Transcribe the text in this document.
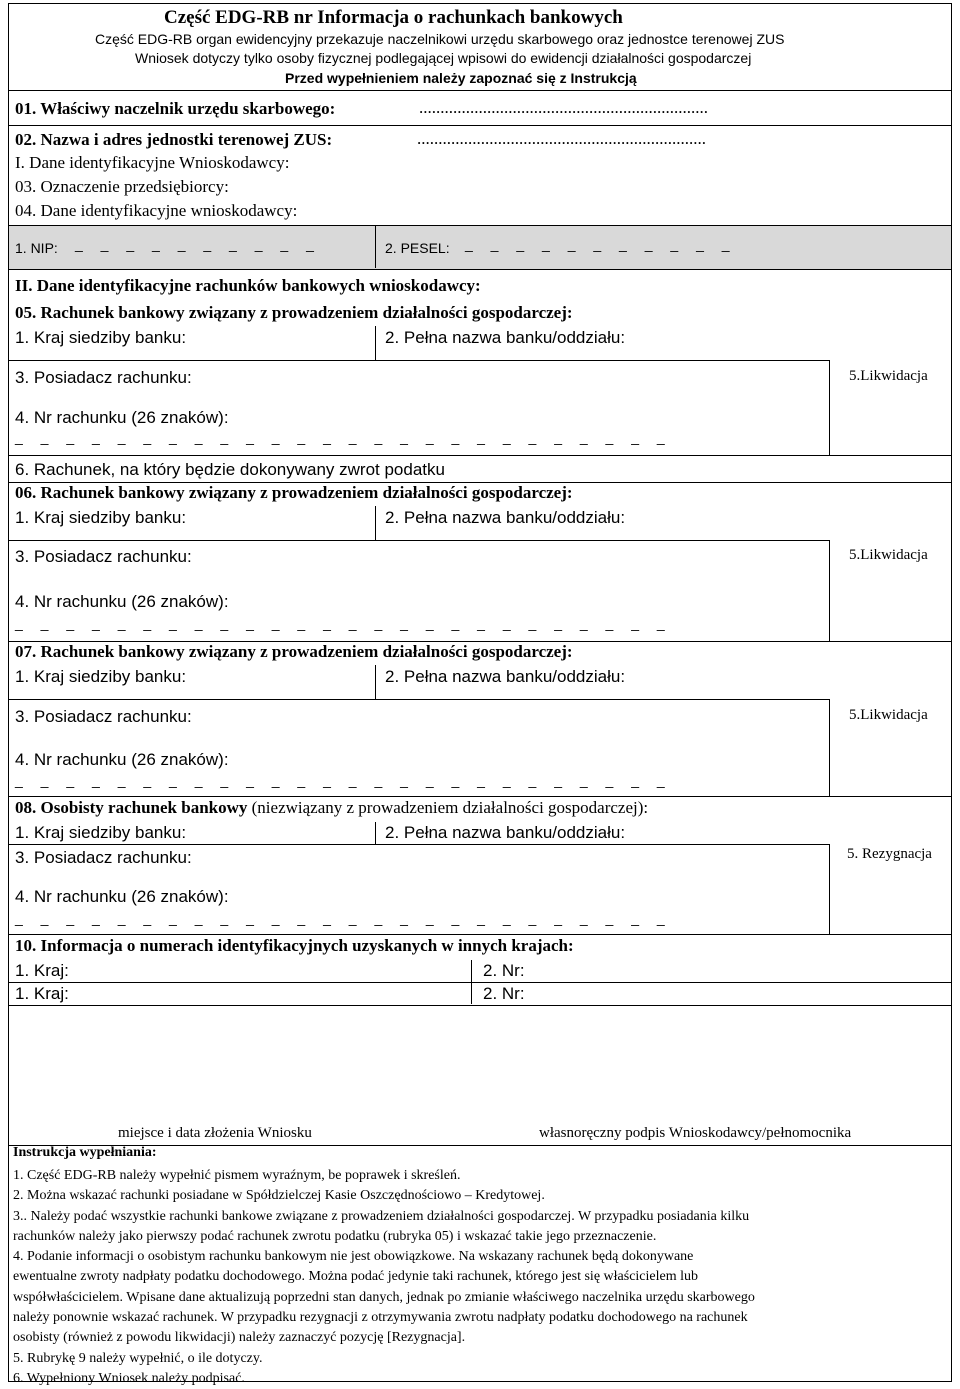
Część EDG-RB nr Informacja o rachunkach bankowych
Część EDG-RB organ ewidencyjny przekazuje naczelnikowi urzędu skarbowego oraz jednostce terenowej ZUS
Wniosek dotyczy tylko osoby fizycznej podlegającej wpisowi do ewidencji działalności gospodarczej
Przed wypełnieniem należy zapoznać się z Instrukcją
01. Właściwy naczelnik urzędu skarbowego:	....................................................................
02. Nazwa i adres jednostki terenowej ZUS:	....................................................................
I. Dane identyfikacyjne Wnioskodawcy:
03. Oznaczenie przedsiębiorcy:
04. Dane identyfikacyjne wnioskodawcy:
1. NIP: _ _ _ _ _ _ _ _ _ _	2. PESEL: _ _ _ _ _ _ _ _ _ _ _
II. Dane identyfikacyjne rachunków bankowych wnioskodawcy:
05. Rachunek bankowy związany z prowadzeniem działalności gospodarczej:
1. Kraj siedziby banku:	2. Pełna nazwa banku/oddziału:
3. Posiadacz rachunku:	5.Likwidacja
4. Nr rachunku (26 znaków):
_ _ _ _ _ _ _ _ _ _ _ _ _ _ _ _ _ _ _ _ _ _ _ _ _ _
6. Rachunek, na który będzie dokonywany zwrot podatku
06. Rachunek bankowy związany z prowadzeniem działalności gospodarczej:
1. Kraj siedziby banku:	2. Pełna nazwa banku/oddziału:
3. Posiadacz rachunku:	5.Likwidacja
4. Nr rachunku (26 znaków):
_ _ _ _ _ _ _ _ _ _ _ _ _ _ _ _ _ _ _ _ _ _ _ _ _ _
07. Rachunek bankowy związany z prowadzeniem działalności gospodarczej:
1. Kraj siedziby banku:	2. Pełna nazwa banku/oddziału:
3. Posiadacz rachunku:	5.Likwidacja
4. Nr rachunku (26 znaków):
_ _ _ _ _ _ _ _ _ _ _ _ _ _ _ _ _ _ _ _ _ _ _ _ _ _
08. Osobisty rachunek bankowy (niezwiązany z prowadzeniem działalności gospodarczej):
1. Kraj siedziby banku:	2. Pełna nazwa banku/oddziału:
3. Posiadacz rachunku:	5. Rezygnacja
4. Nr rachunku (26 znaków):
_ _ _ _ _ _ _ _ _ _ _ _ _ _ _ _ _ _ _ _ _ _ _ _ _ _
10. Informacja o numerach identyfikacyjnych uzyskanych w innych krajach:
1. Kraj:	2. Nr:
1. Kraj:	2. Nr:
miejsce i data złożenia Wniosku	własnoręczny podpis Wnioskodawcy/pełnomocnika
Instrukcja wypełniania:
1. Część EDG-RB należy wypełnić pismem wyraźnym, be poprawek i skreśleń.
2. Można wskazać rachunki posiadane w Spółdzielczej Kasie Oszczędnościowo – Kredytowej.
3.. Należy podać wszystkie rachunki bankowe związane z prowadzeniem działalności gospodarczej. W przypadku posiadania kilku
rachunków należy jako pierwszy podać rachunek zwrotu podatku (rubryka 05) i wskazać takie jego przeznaczenie.
4. Podanie informacji o osobistym rachunku bankowym nie jest obowiązkowe. Na wskazany rachunek będą dokonywane
ewentualne zwroty nadpłaty podatku dochodowego. Można podać jedynie taki rachunek, którego jest się właścicielem lub
współwłaścicielem. Wpisane dane aktualizują poprzedni stan danych, jednak po zmianie właściwego naczelnika urzędu skarbowego
należy ponownie wskazać rachunek. W przypadku rezygnacji z otrzymywania zwrotu nadpłaty podatku dochodowego na rachunek
osobisty (również z powodu likwidacji) należy zaznaczyć pozycję [Rezygnacja].
5. Rubrykę 9 należy wypełnić, o ile dotyczy.
6. Wypełniony Wniosek należy podpisać.
